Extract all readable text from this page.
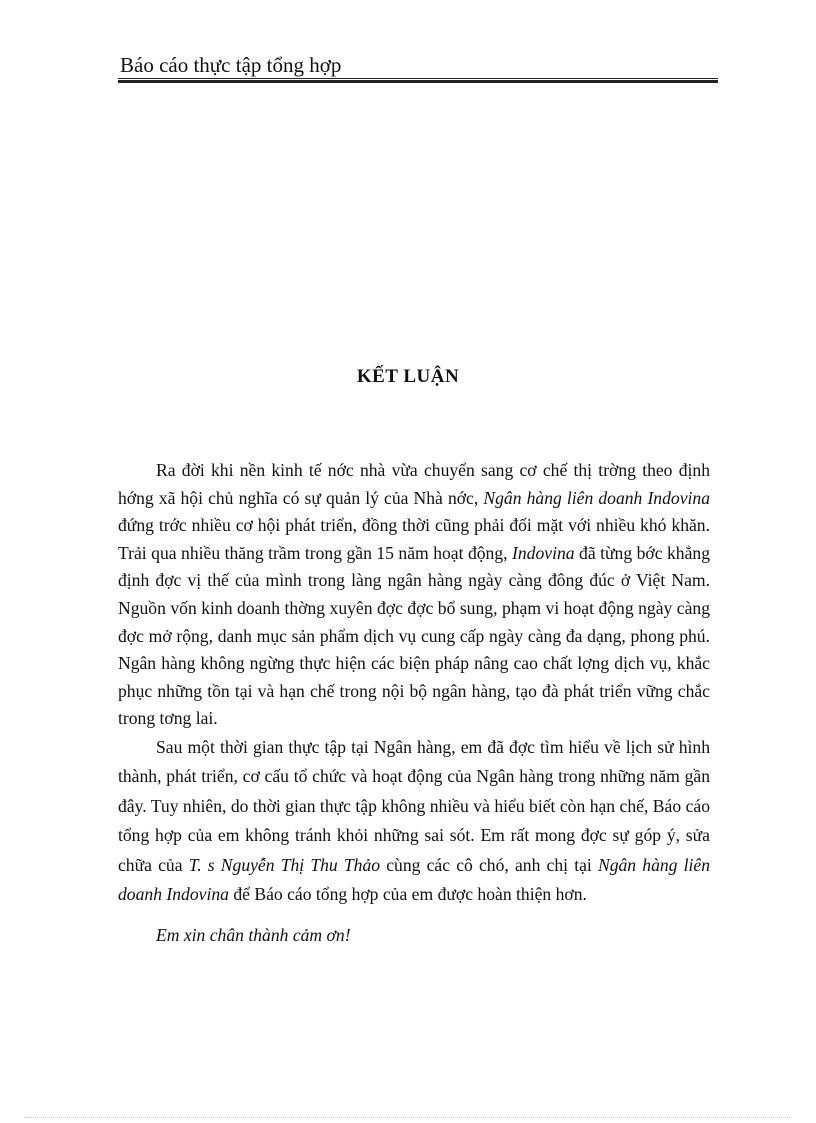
Báo cáo thực tập tổng hợp
KẾT LUẬN

Ra đời khi nền kinh tế nớc nhà vừa chuyển sang cơ chế thị trờng theo định hớng xã hội chủ nghĩa có sự quản lý của Nhà nớc, Ngân hàng liên doanh Indovina đứng trớc nhiều cơ hội phát triển, đồng thời cũng phải đối mặt với nhiều khó khăn. Trải qua nhiều thăng trầm trong gần 15 năm hoạt động, Indovina đã từng bớc khẳng định đợc vị thế của mình trong làng ngân hàng ngày càng đông đúc ở Việt Nam. Nguồn vốn kinh doanh thờng xuyên đợc đợc bổ sung, phạm vi hoạt động ngày càng đợc mở rộng, danh mục sản phẩm dịch vụ cung cấp ngày càng đa dạng, phong phú. Ngân hàng không ngừng thực hiện các biện pháp nâng cao chất lợng dịch vụ, khắc phục những tồn tại và hạn chế trong nội bộ ngân hàng, tạo đà phát triển vững chắc trong tơng lai.

Sau một thời gian thực tập tại Ngân hàng, em đã đợc tìm hiểu về lịch sử hình thành, phát triển, cơ cấu tổ chức và hoạt động của Ngân hàng trong những năm gần đây. Tuy nhiên, do thời gian thực tập không nhiều và hiểu biết còn hạn chế, Báo cáo tổng hợp của em không tránh khỏi những sai sót. Em rất mong đợc sự góp ý, sửa chữa của T. s Nguyễn Thị Thu Thảo cùng các cô chó, anh chị tại Ngân hàng liên doanh Indovina để Báo cáo tổng hợp của em được hoàn thiện hơn.

Em xin chân thành cảm ơn!
